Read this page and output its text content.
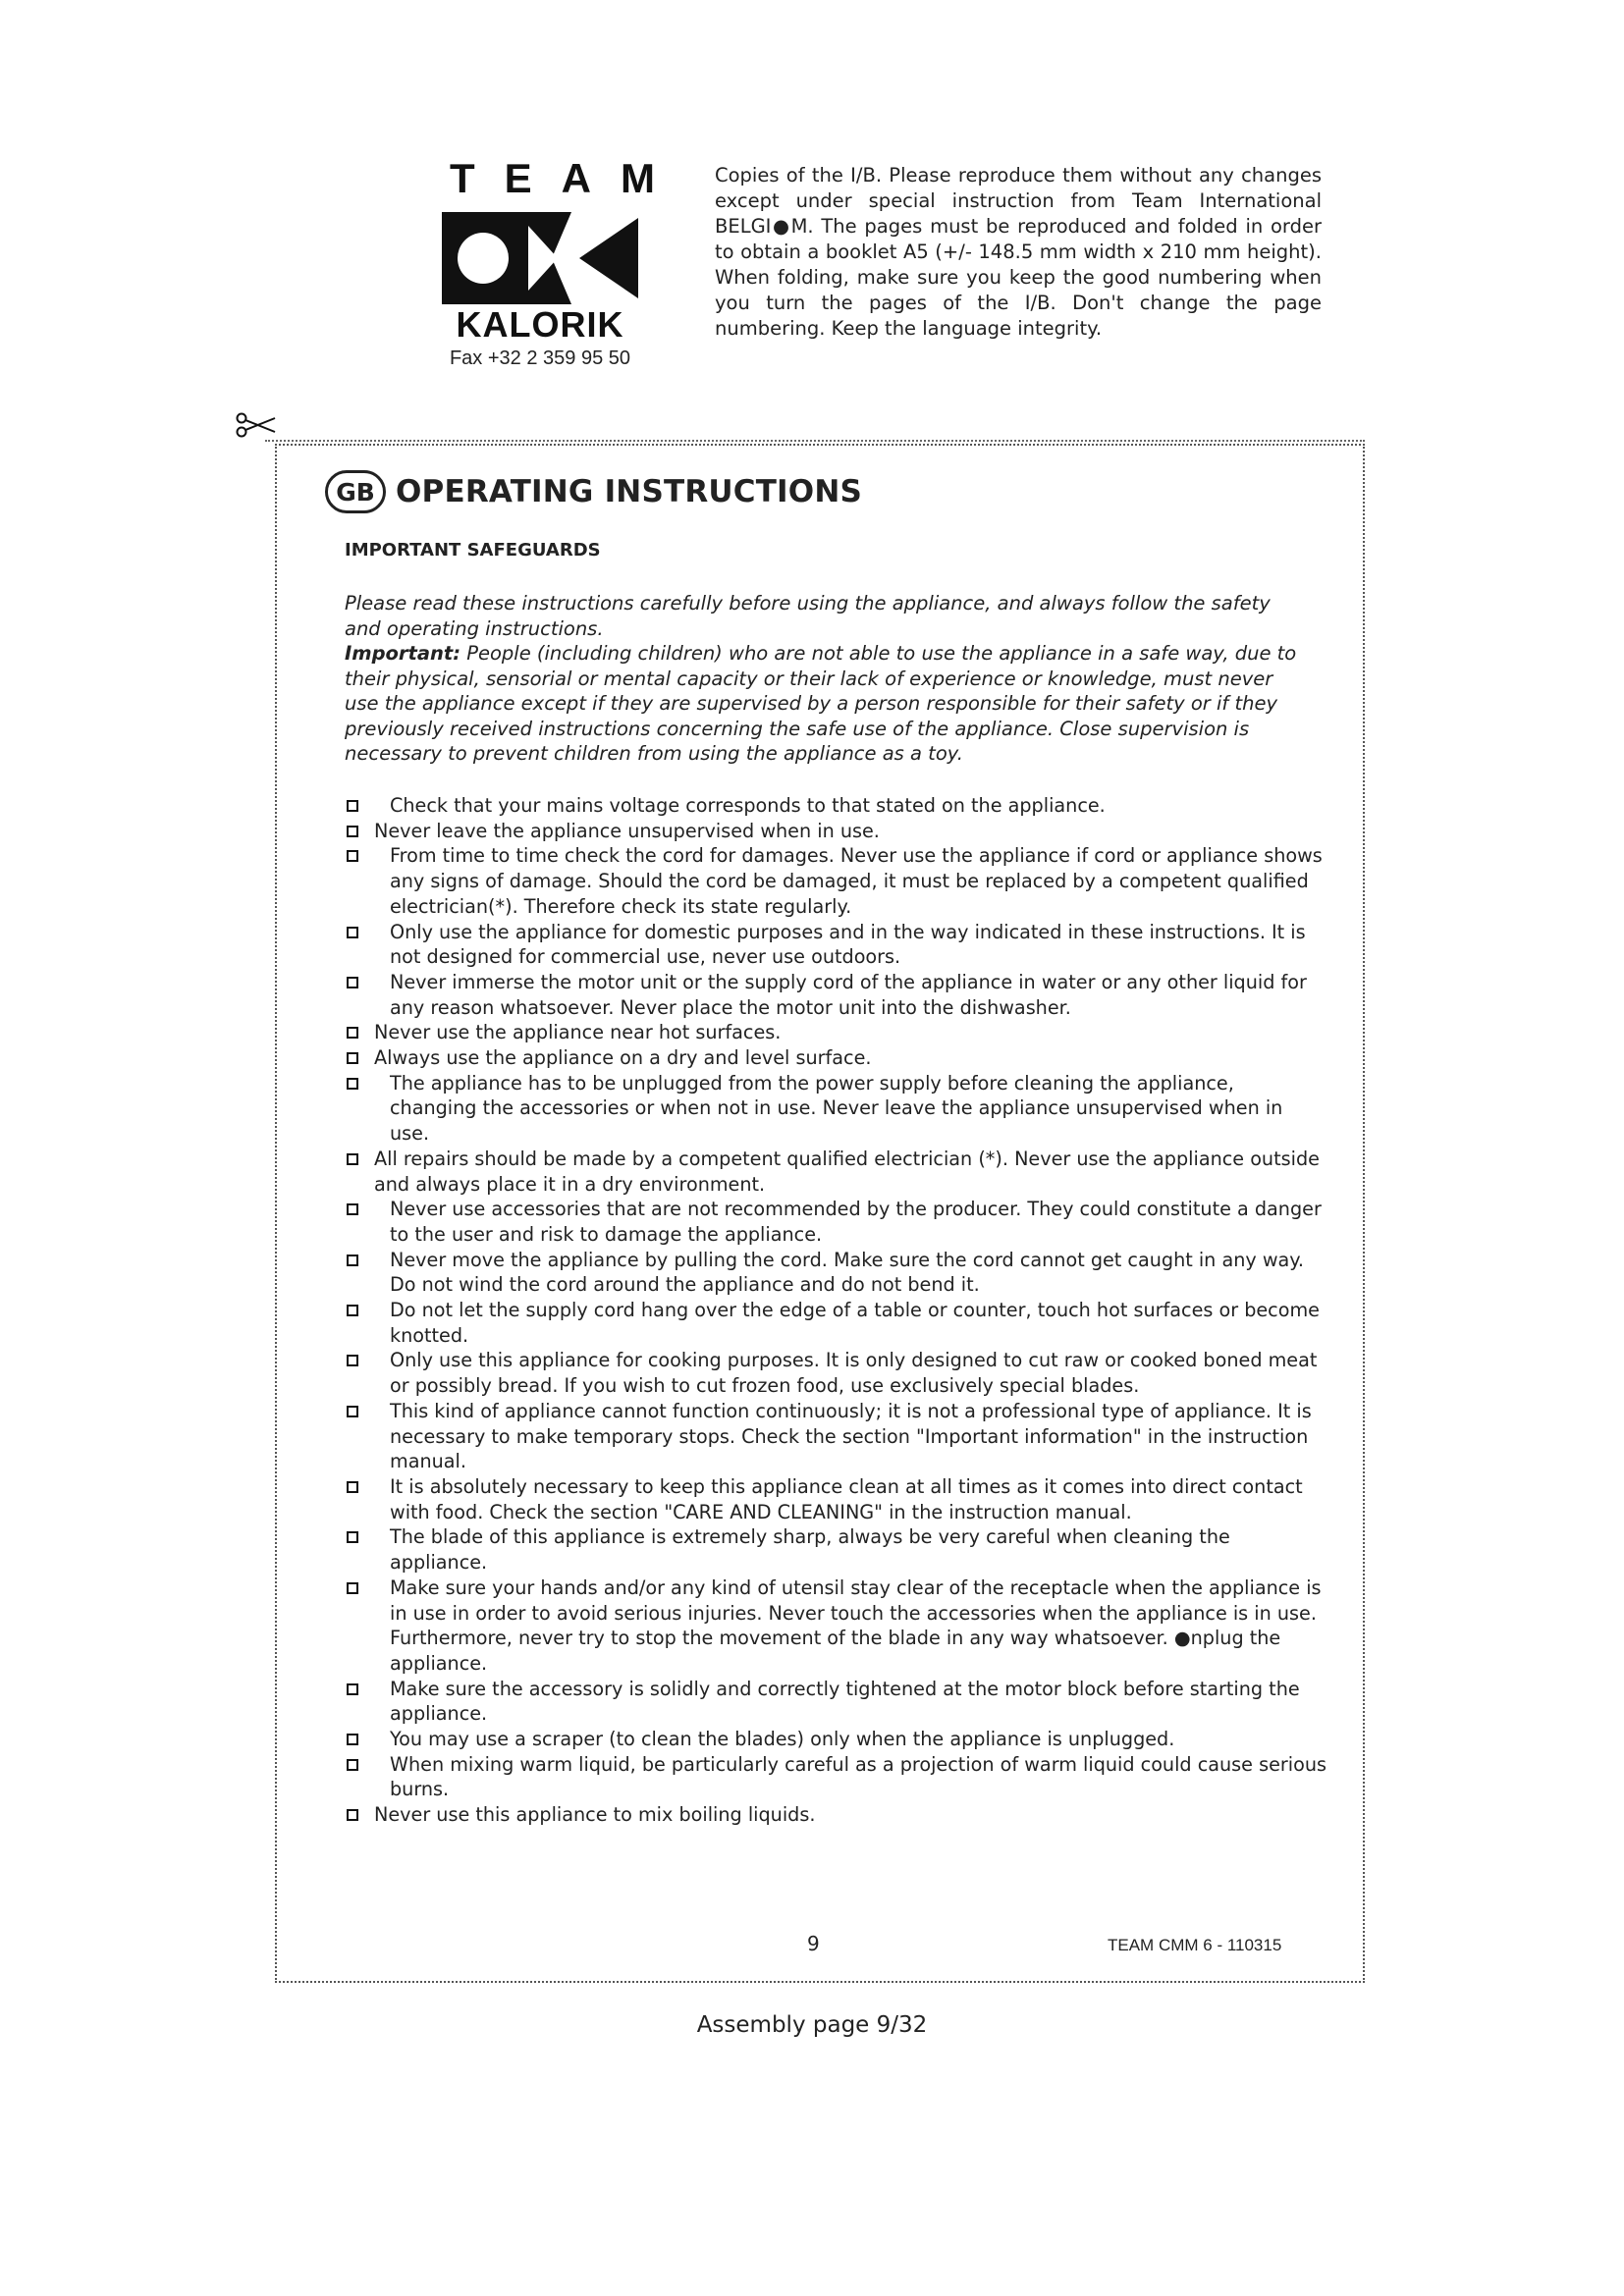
TEAM
KALORIK
Fax +32 2 359 95 50
Copies of the I/B. Please reproduce them without any changes except under special instruction from Team International BELGI●M. The pages must be reproduced and folded in order to obtain a booklet A5 (+/- 148.5 mm width x 210 mm height). When folding, make sure you keep the good numbering when you turn the pages of the I/B. Don't change the page numbering. Keep the language integrity.
GB OPERATING INSTRUCTIONS
IMPORTANT SAFEGUARDS

Please read these instructions carefully before using the appliance, and always follow the safety and operating instructions.

Important: People (including children) who are not able to use the appliance in a safe way, due to their physical, sensorial or mental capacity or their lack of experience or knowledge, must never use the appliance except if they are supervised by a person responsible for their safety or if they previously received instructions concerning the safe use of the appliance. Close supervision is necessary to prevent children from using the appliance as a toy.

Check that your mains voltage corresponds to that stated on the appliance.
Never leave the appliance unsupervised when in use.
From time to time check the cord for damages. Never use the appliance if cord or appliance shows any signs of damage. Should the cord be damaged, it must be replaced by a competent qualified electrician(*). Therefore check its state regularly.
Only use the appliance for domestic purposes and in the way indicated in these instructions. It is not designed for commercial use, never use outdoors.
Never immerse the motor unit or the supply cord of the appliance in water or any other liquid for any reason whatsoever. Never place the motor unit into the dishwasher.
Never use the appliance near hot surfaces.
Always use the appliance on a dry and level surface.
The appliance has to be unplugged from the power supply before cleaning the appliance, changing the accessories or when not in use. Never leave the appliance unsupervised when in use.
All repairs should be made by a competent qualified electrician (*). Never use the appliance outside and always place it in a dry environment.
Never use accessories that are not recommended by the producer. They could constitute a danger to the user and risk to damage the appliance.
Never move the appliance by pulling the cord. Make sure the cord cannot get caught in any way. Do not wind the cord around the appliance and do not bend it.
Do not let the supply cord hang over the edge of a table or counter, touch hot surfaces or become knotted.
Only use this appliance for cooking purposes. It is only designed to cut raw or cooked boned meat or possibly bread. If you wish to cut frozen food, use exclusively special blades.
This kind of appliance cannot function continuously; it is not a professional type of appliance. It is necessary to make temporary stops. Check the section "Important information" in the instruction manual.
It is absolutely necessary to keep this appliance clean at all times as it comes into direct contact with food. Check the section "CARE AND CLEANING" in the instruction manual.
The blade of this appliance is extremely sharp, always be very careful when cleaning the appliance.
Make sure your hands and/or any kind of utensil stay clear of the receptacle when the appliance is in use in order to avoid serious injuries. Never touch the accessories when the appliance is in use. Furthermore, never try to stop the movement of the blade in any way whatsoever. ●nplug the appliance.
Make sure the accessory is solidly and correctly tightened at the motor block before starting the appliance.
You may use a scraper (to clean the blades) only when the appliance is unplugged.
When mixing warm liquid, be particularly careful as a projection of warm liquid could cause serious burns.
Never use this appliance to mix boiling liquids.
9	TEAM CMM 6 - 110315
Assembly page 9/32
